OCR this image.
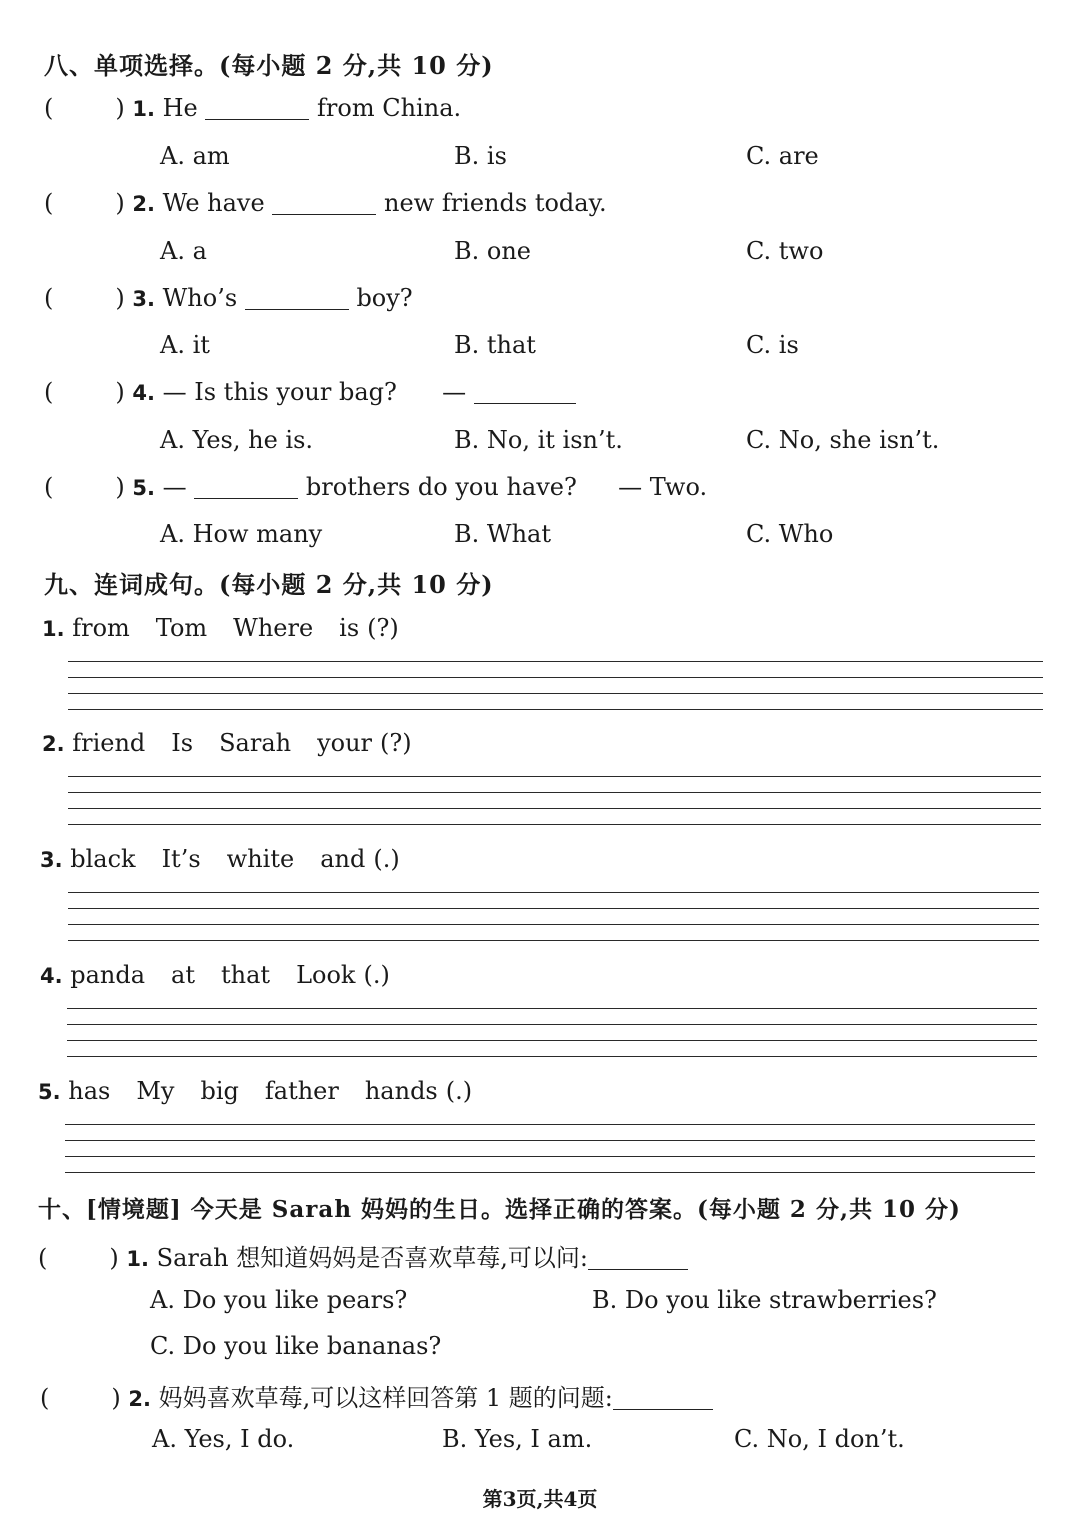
八、单项选择。(每小题 2 分,共 10 分)
(	) 1. He	from China.
A. am	B. is	C. are
(	) 2. We have	new friends today.
A. a	B. one	C. two
(	) 3. Who’s	boy?
A. it	B. that	C. is
(	) 4. — Is this your bag? —
A. Yes, he is.	B. No, it isn’t.	C. No, she isn’t.
(	) 5. —	brothers do you have? — Two.
A. How many	B. What	C. Who
九、连词成句。(每小题 2 分,共 10 分)
1. from Tom Where is (?)
2. friend Is Sarah your (?)
3. black It’s white and (.)
4. panda at that Look (.)
5. has My big father hands (.)
十、[情境题] 今天是 Sarah 妈妈的生日。选择正确的答案。(每小题 2 分,共 10 分)
(	) 1. Sarah 想知道妈妈是否喜欢草莓,可以问:
A. Do you like pears?	B. Do you like strawberries?
C. Do you like bananas?
(	) 2. 妈妈喜欢草莓,可以这样回答第 1 题的问题:
A. Yes, I do.	B. Yes, I am.	C. No, I don’t.
第3页,共4页
